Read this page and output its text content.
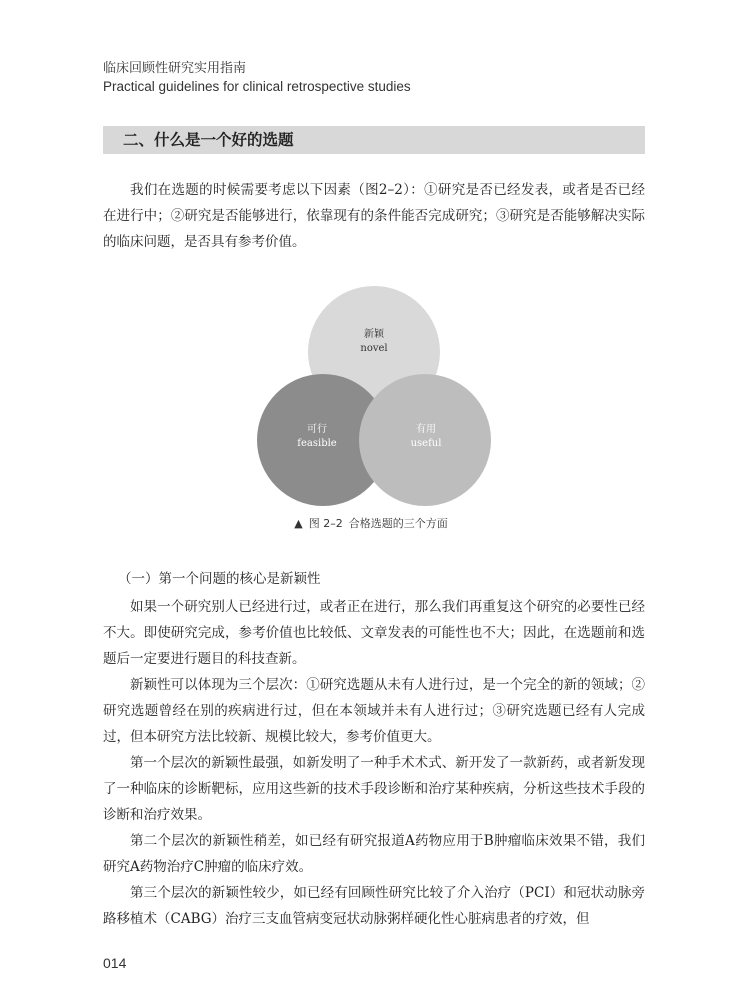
临床回顾性研究实用指南
Practical guidelines for clinical retrospective studies
二、什么是一个好的选题

我们在选题的时候需要考虑以下因素（图2–2）：①研究是否已经发表，或者是否已经在进行中；②研究是否能够进行，依靠现有的条件能否完成研究；③研究是否能够解决实际的临床问题，是否具有参考价值。

新颖
novel
可行
feasible
有用
useful
▲ 图 2–2 合格选题的三个方面
（一）第一个问题的核心是新颖性

如果一个研究别人已经进行过，或者正在进行，那么我们再重复这个研究的必要性已经不大。即使研究完成，参考价值也比较低、文章发表的可能性也不大；因此，在选题前和选题后一定要进行题目的科技查新。

新颖性可以体现为三个层次：①研究选题从未有人进行过，是一个完全的新的领域；②研究选题曾经在别的疾病进行过，但在本领域并未有人进行过；③研究选题已经有人完成过，但本研究方法比较新、规模比较大，参考价值更大。

第一个层次的新颖性最强，如新发明了一种手术术式、新开发了一款新药，或者新发现了一种临床的诊断靶标，应用这些新的技术手段诊断和治疗某种疾病，分析这些技术手段的诊断和治疗效果。

第二个层次的新颖性稍差，如已经有研究报道A药物应用于B肿瘤临床效果不错，我们研究A药物治疗C肿瘤的临床疗效。

第三个层次的新颖性较少，如已经有回顾性研究比较了介入治疗（PCI）和冠状动脉旁路移植术（CABG）治疗三支血管病变冠状动脉粥样硬化性心脏病患者的疗效，但

014
